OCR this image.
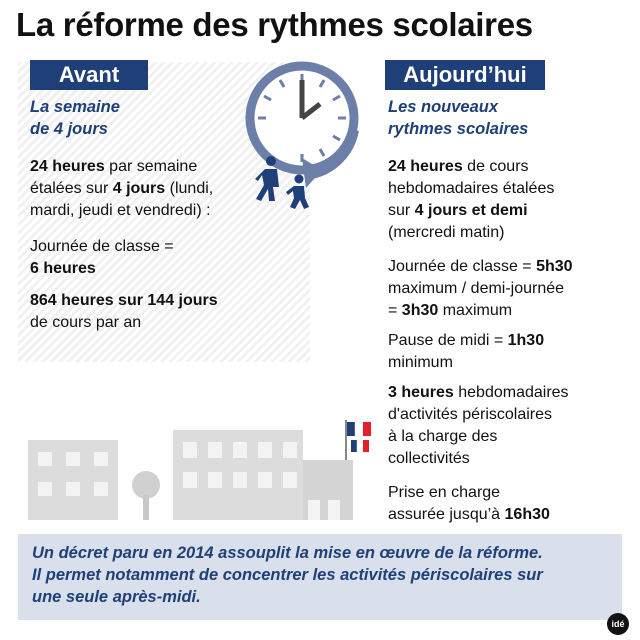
La réforme des rythmes scolaires
Avant
La semaine
de 4 jours
24 heures par semaine
étalées sur 4 jours (lundi,
mardi, jeudi et vendredi) :
Journée de classe =
6 heures
864 heures sur 144 jours
de cours par an
Aujourd’hui
Les nouveaux
rythmes scolaires
24 heures de cours
hebdomadaires étalées
sur 4 jours et demi
(mercredi matin)
Journée de classe = 5h30
maximum / demi-journée
= 3h30 maximum
Pause de midi = 1h30
minimum
3 heures hebdomadaires
d'activités périscolaires
à la charge des
collectivités
Prise en charge
assurée jusqu’à 16h30
Un décret paru en 2014 assouplit la mise en œuvre de la réforme.
Il permet notamment de concentrer les activités périscolaires sur
une seule après-midi.
idé
